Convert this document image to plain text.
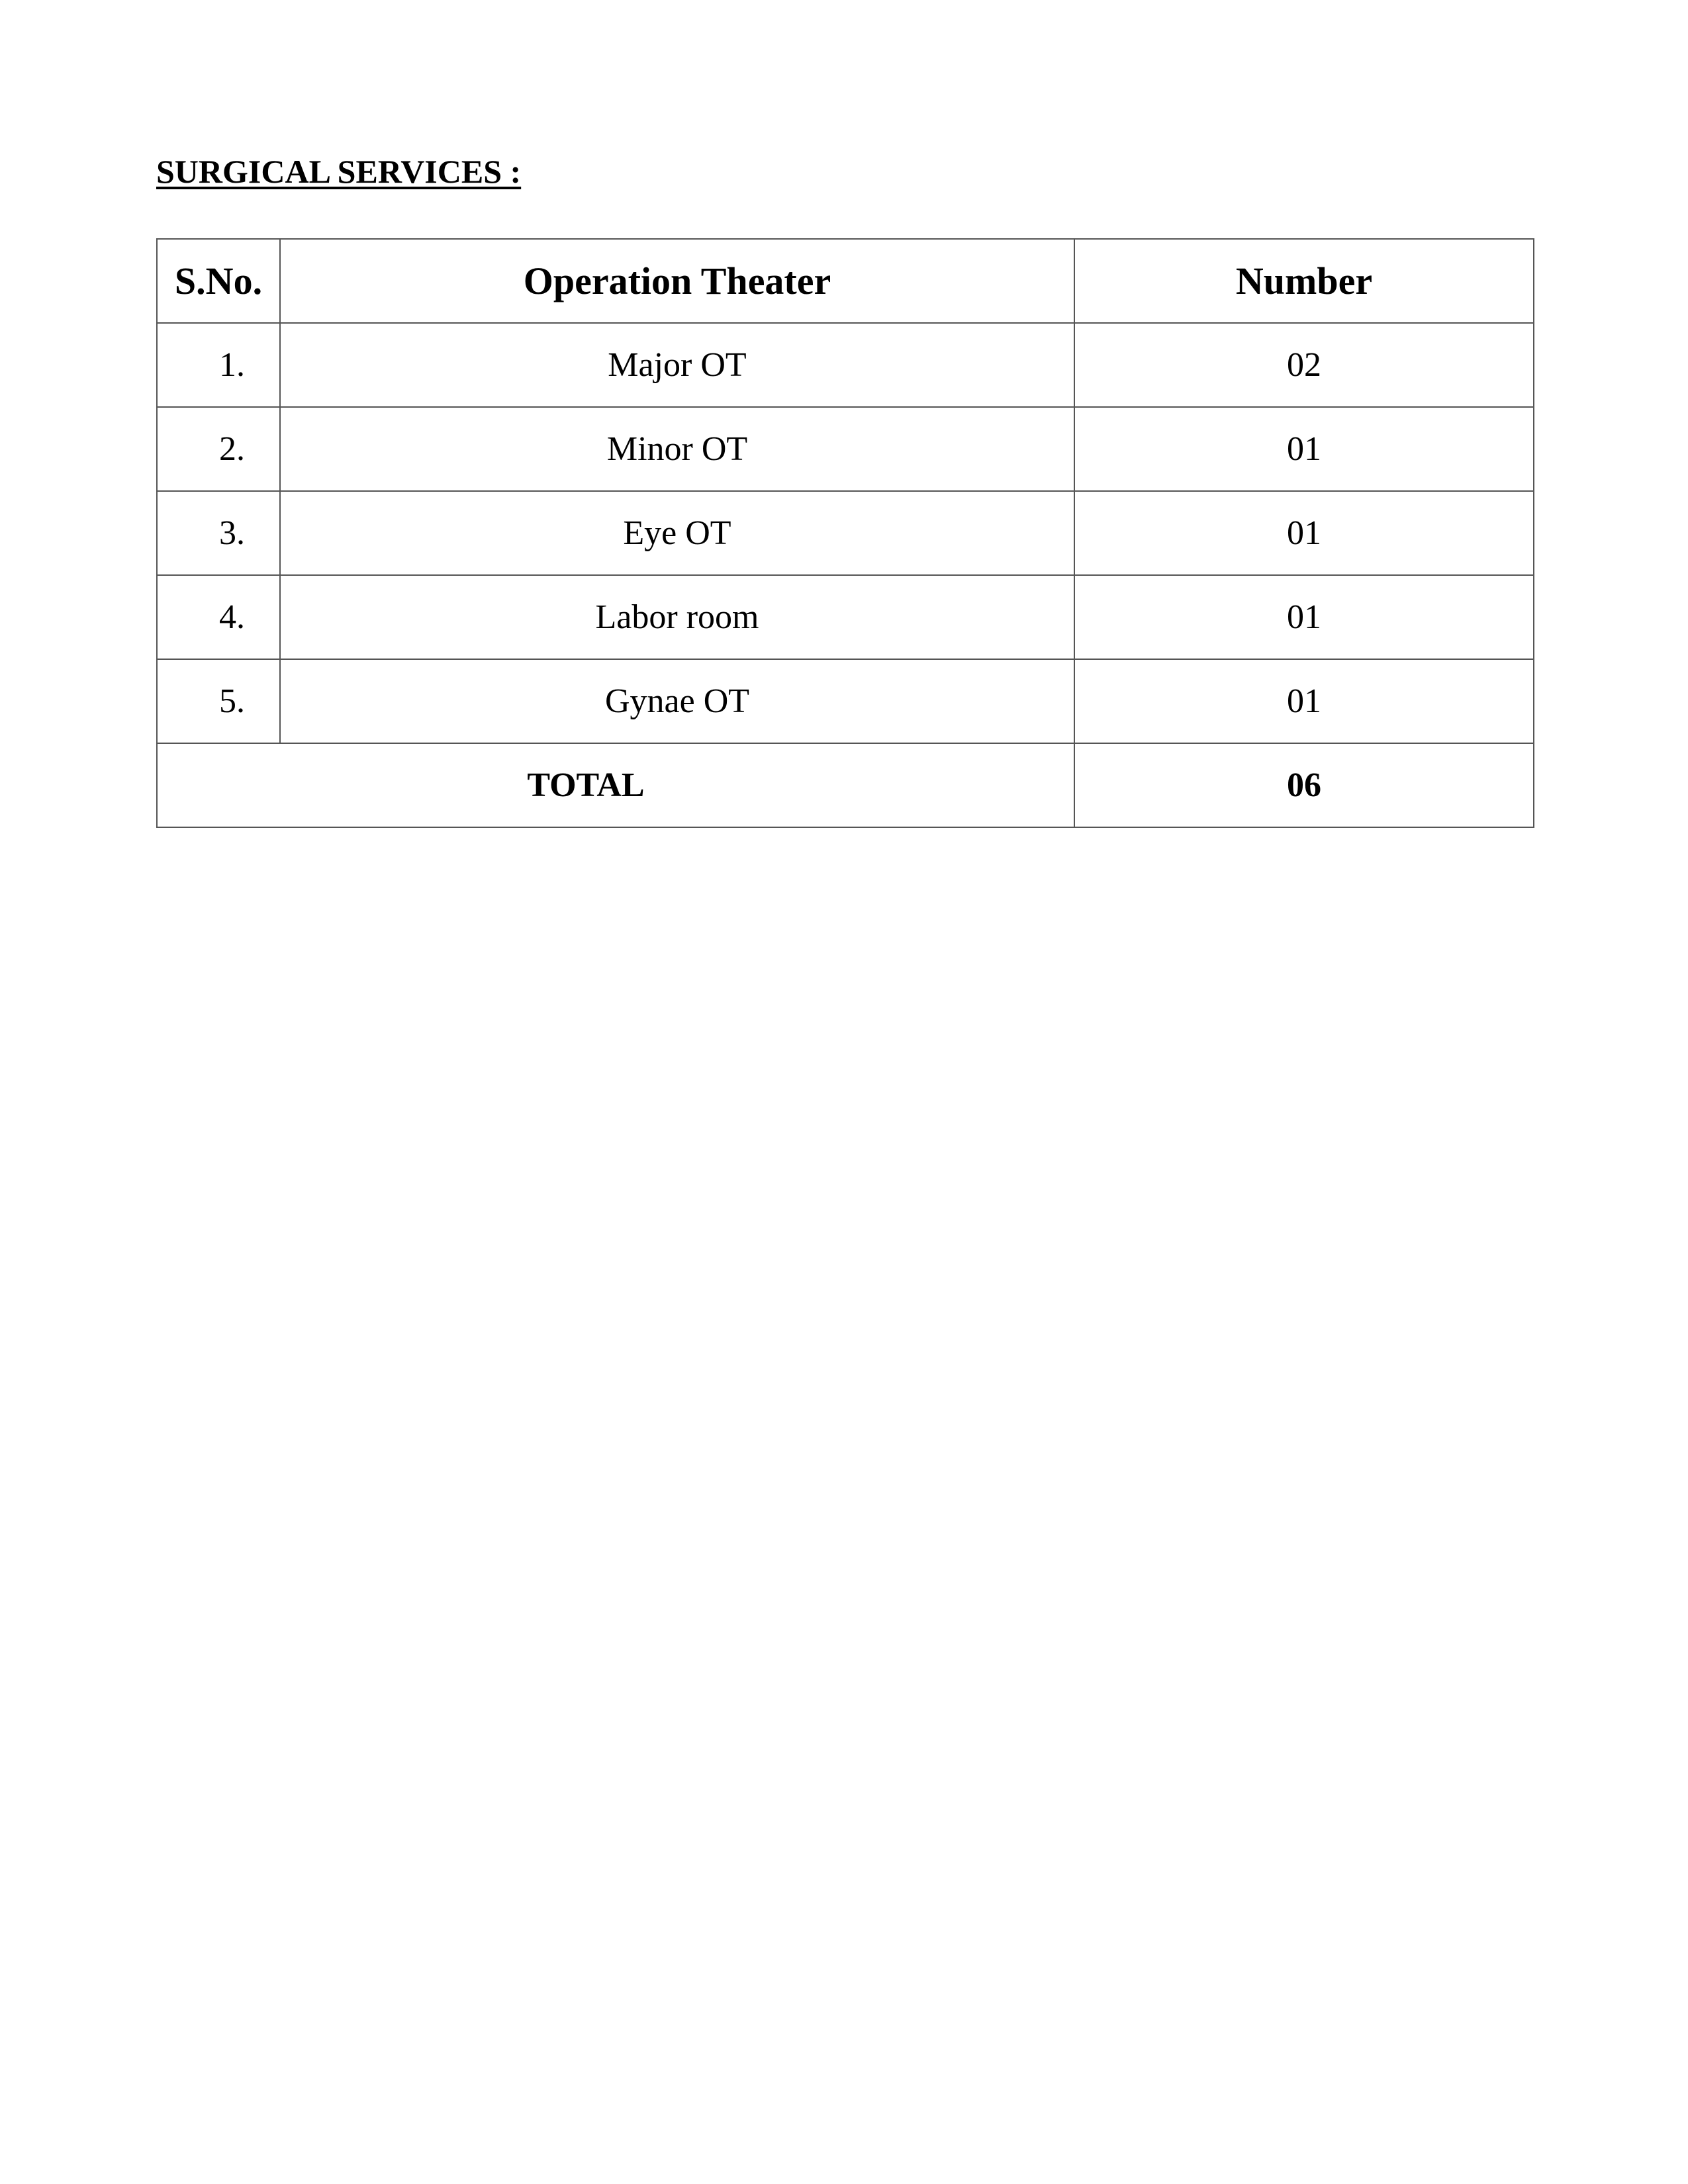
SURGICAL SERVICES :
S.No.	Operation Theater	Number
1.	Major OT	02
2.	Minor OT	01
3.	Eye OT	01
4.	Labor room	01
5.	Gynae OT	01
TOTAL		06
